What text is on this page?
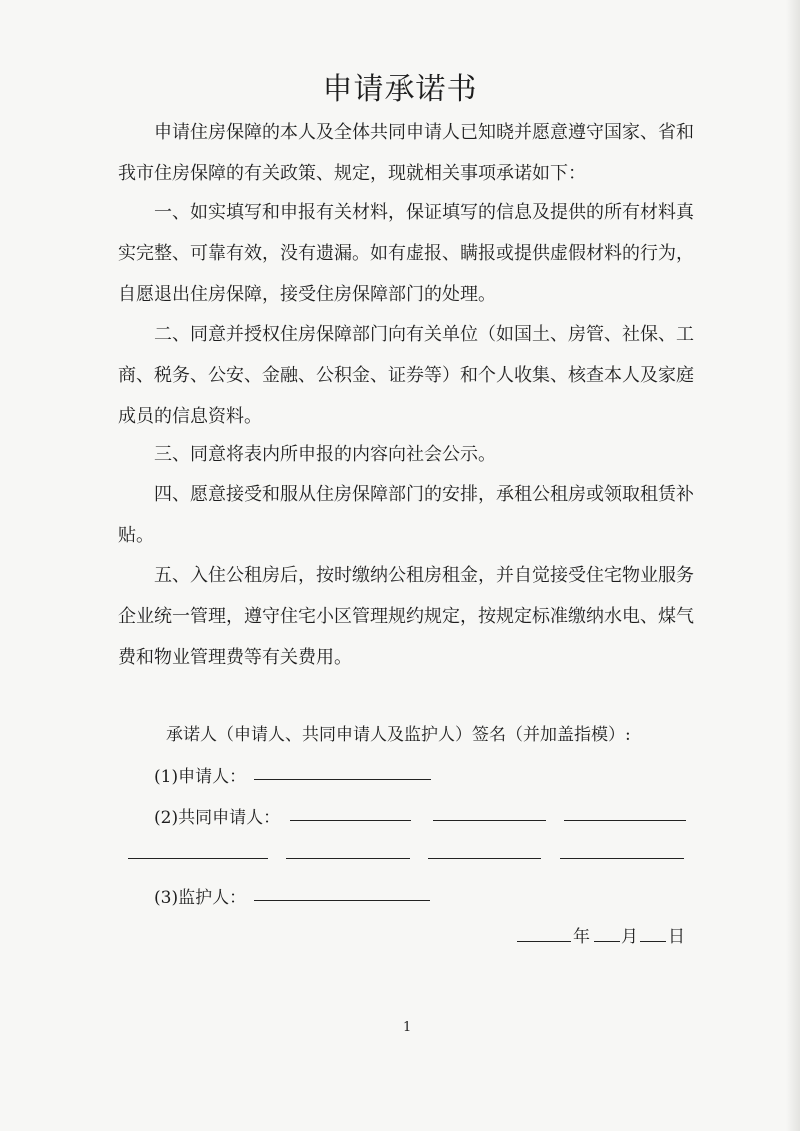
申请承诺书
申请住房保障的本人及全体共同申请人已知晓并愿意遵守国家、省和我市住房保障的有关政策、规定，现就相关事项承诺如下：
一、如实填写和申报有关材料，保证填写的信息及提供的所有材料真实完整、可靠有效，没有遗漏。如有虚报、瞒报或提供虚假材料的行为，自愿退出住房保障，接受住房保障部门的处理。
二、同意并授权住房保障部门向有关单位（如国土、房管、社保、工商、税务、公安、金融、公积金、证券等）和个人收集、核查本人及家庭成员的信息资料。
三、同意将表内所申报的内容向社会公示。
四、愿意接受和服从住房保障部门的安排，承租公租房或领取租赁补贴。
五、入住公租房后，按时缴纳公租房租金，并自觉接受住宅物业服务企业统一管理，遵守住宅小区管理规约规定，按规定标准缴纳水电、煤气费和物业管理费等有关费用。
承诺人（申请人、共同申请人及监护人）签名（并加盖指模）:
(1)申请人：
(2)共同申请人：
(3)监护人：
年 月 日
1
